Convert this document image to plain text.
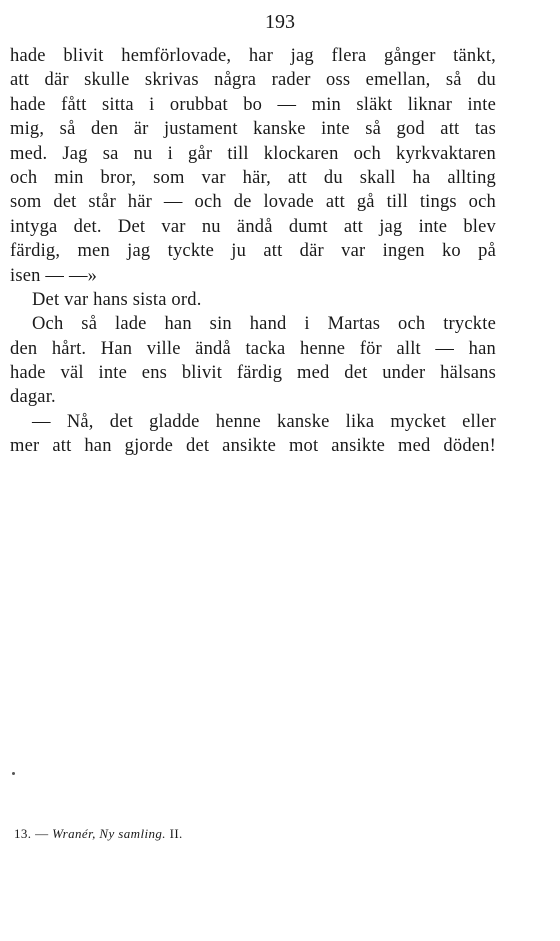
193
hade blivit hemförlovade, har jag flera gånger tänkt,
att där skulle skrivas några rader oss emellan, så du
hade fått sitta i orubbat bo — min släkt liknar inte
mig, så den är justament kanske inte så god att tas
med. Jag sa nu i går till klockaren och kyrkvaktaren
och min bror, som var här, att du skall ha allting
som det står här — och de lovade att gå till tings och
intyga det. Det var nu ändå dumt att jag inte blev
färdig, men jag tyckte ju att där var ingen ko på
isen — —»
Det var hans sista ord.
Och så lade han sin hand i Martas och tryckte
den hårt. Han ville ändå tacka henne för allt — han
hade väl inte ens blivit färdig med det under hälsans
dagar.
— Nå, det gladde henne kanske lika mycket eller
mer att han gjorde det ansikte mot ansikte med döden!
13. — Wranér, Ny samling. II.
